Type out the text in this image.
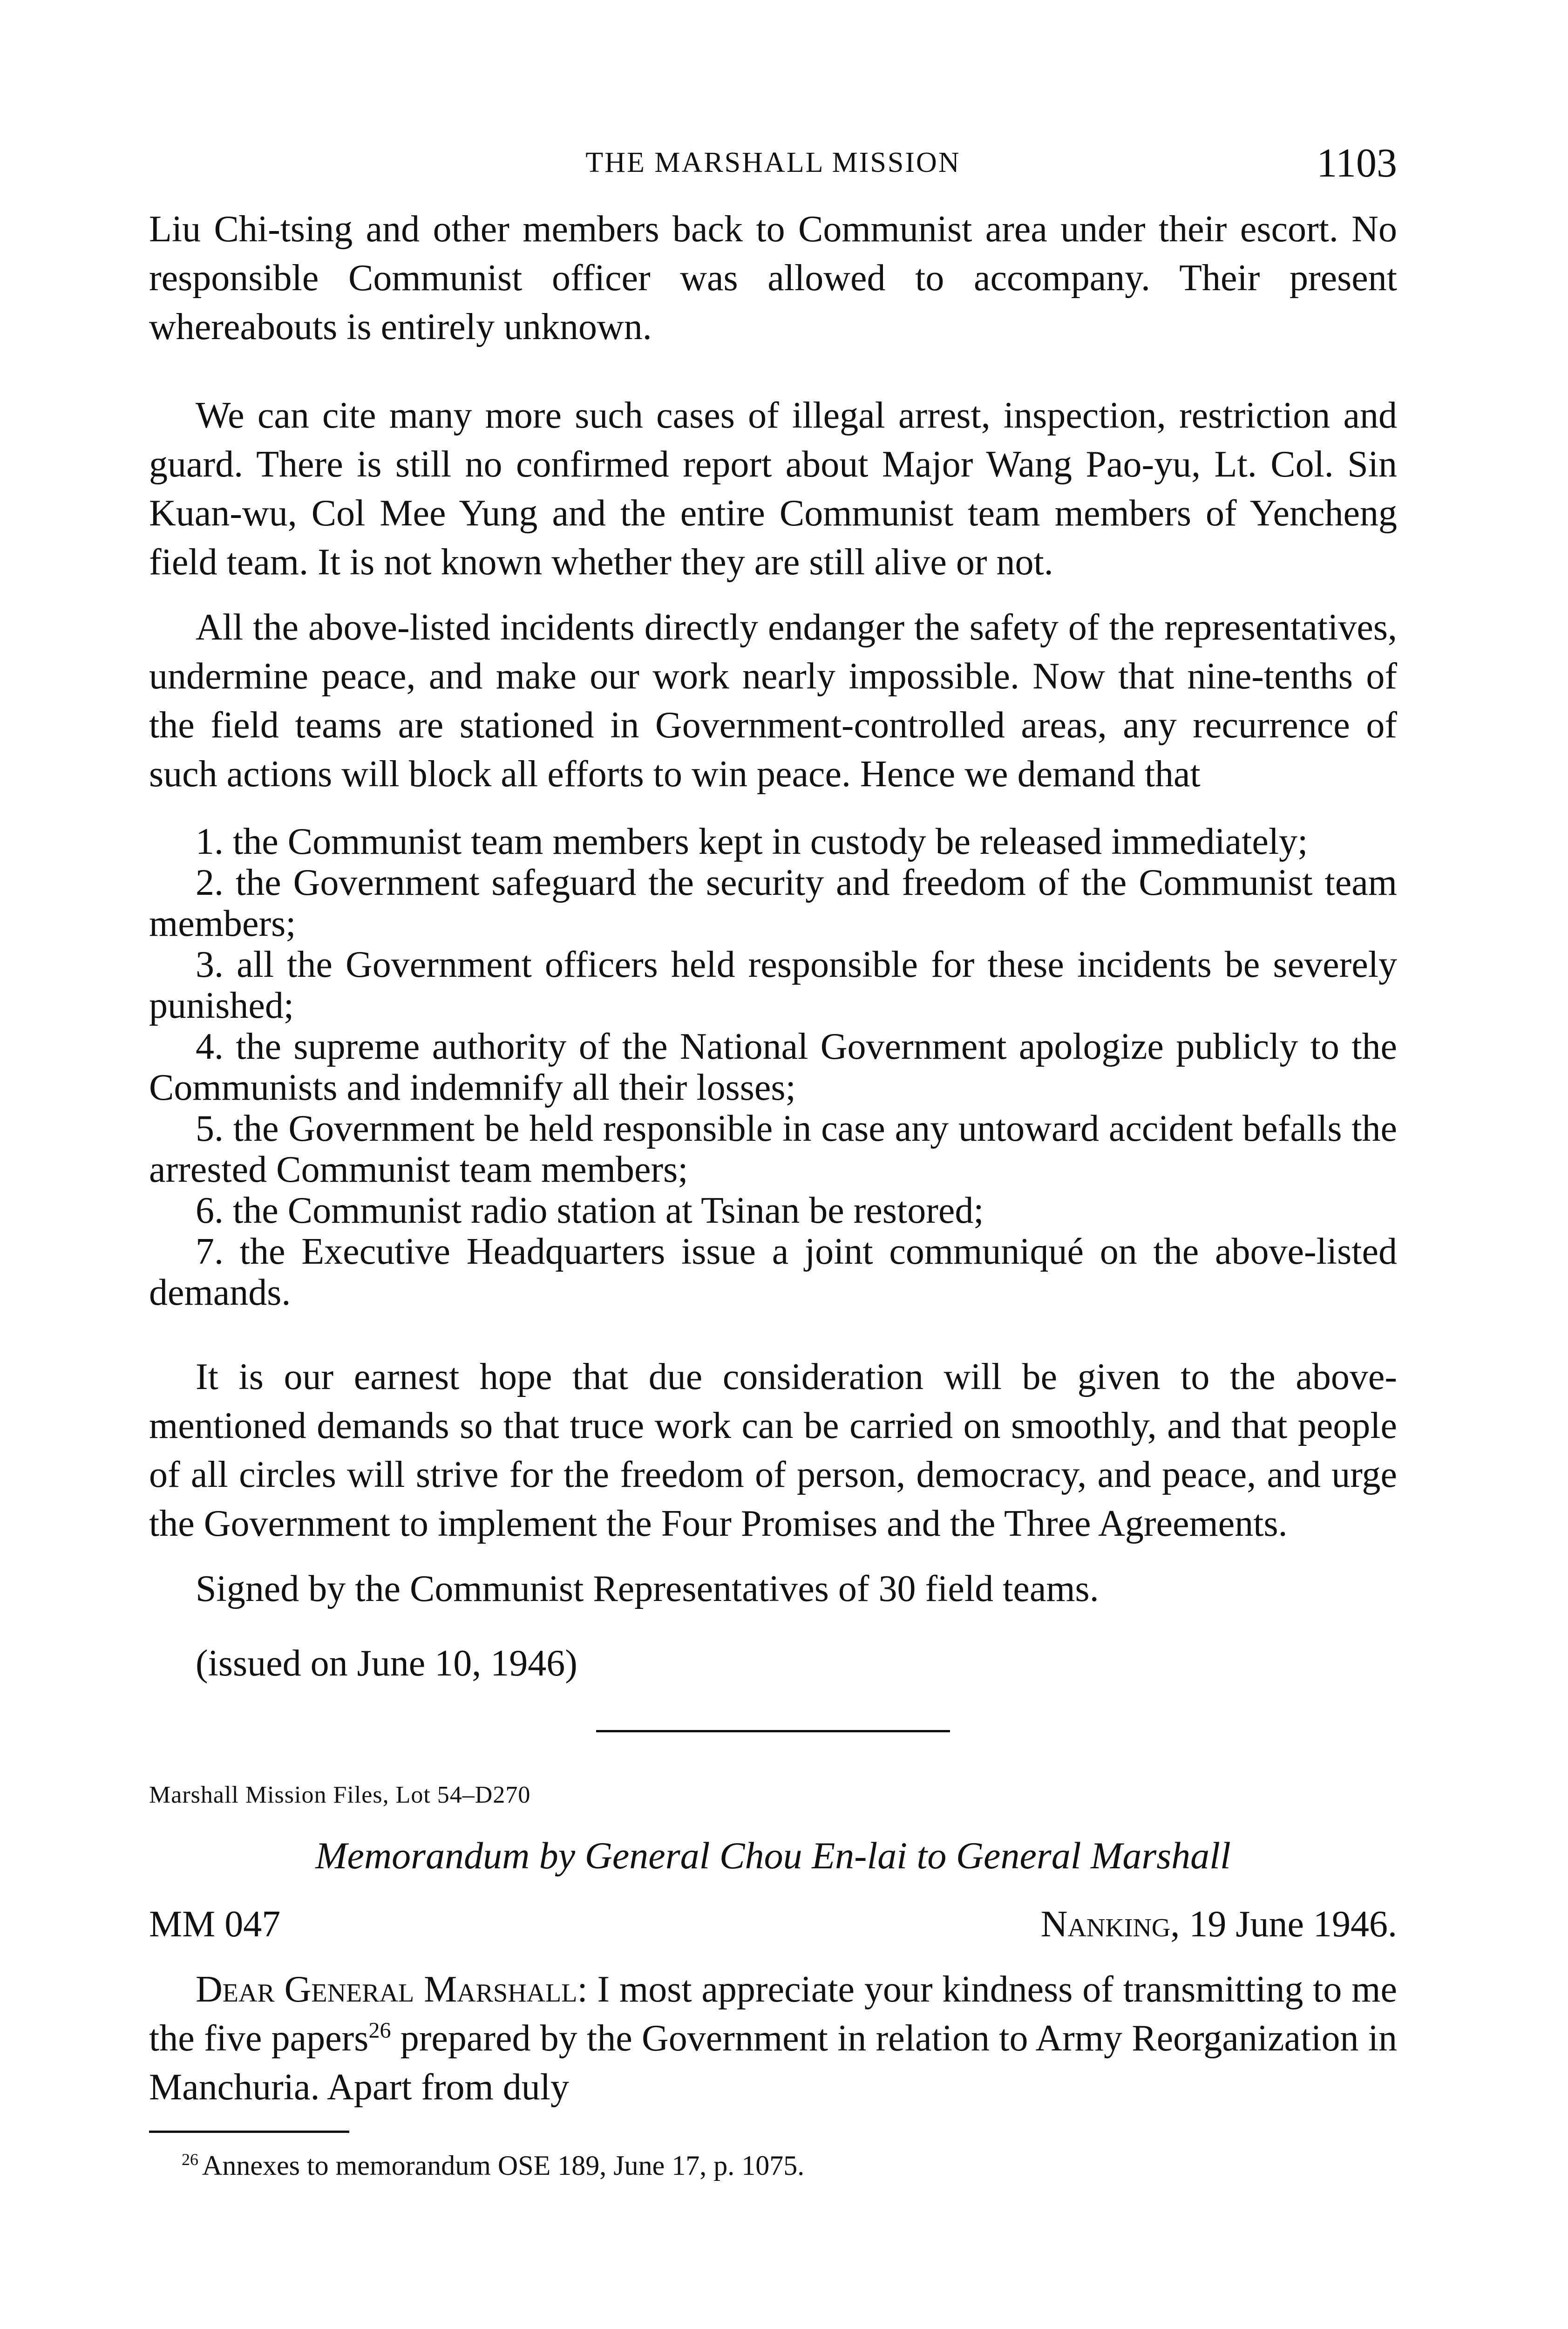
THE MARSHALL MISSION	1103

Liu Chi-tsing and other members back to Communist area under their escort. No responsible Communist officer was allowed to accompany. Their present whereabouts is entirely unknown.

We can cite many more such cases of illegal arrest, inspection, restriction and guard. There is still no confirmed report about Major Wang Pao-yu, Lt. Col. Sin Kuan-wu, Col Mee Yung and the entire Communist team members of Yencheng field team. It is not known whether they are still alive or not.

All the above-listed incidents directly endanger the safety of the representatives, undermine peace, and make our work nearly impossible. Now that nine-tenths of the field teams are stationed in Government-controlled areas, any recurrence of such actions will block all efforts to win peace. Hence we demand that

1. the Communist team members kept in custody be released immediately;
2. the Government safeguard the security and freedom of the Communist team members;
3. all the Government officers held responsible for these incidents be severely punished;
4. the supreme authority of the National Government apologize publicly to the Communists and indemnify all their losses;
5. the Government be held responsible in case any untoward accident befalls the arrested Communist team members;
6. the Communist radio station at Tsinan be restored;
7. the Executive Headquarters issue a joint communiqué on the above-listed demands.

It is our earnest hope that due consideration will be given to the above-mentioned demands so that truce work can be carried on smoothly, and that people of all circles will strive for the freedom of person, democracy, and peace, and urge the Government to implement the Four Promises and the Three Agreements.

Signed by the Communist Representatives of 30 field teams.

(issued on June 10, 1946)

Marshall Mission Files, Lot 54–D270
Memorandum by General Chou En-lai to General Marshall
MM 047	Nanking, 19 June 1946.

Dear General Marshall: I most appreciate your kindness of transmitting to me the five papers$^{26}$ prepared by the Government in relation to Army Reorganization in Manchuria. Apart from duly

$^{26}$ Annexes to memorandum OSE 189, June 17, p. 1075.
